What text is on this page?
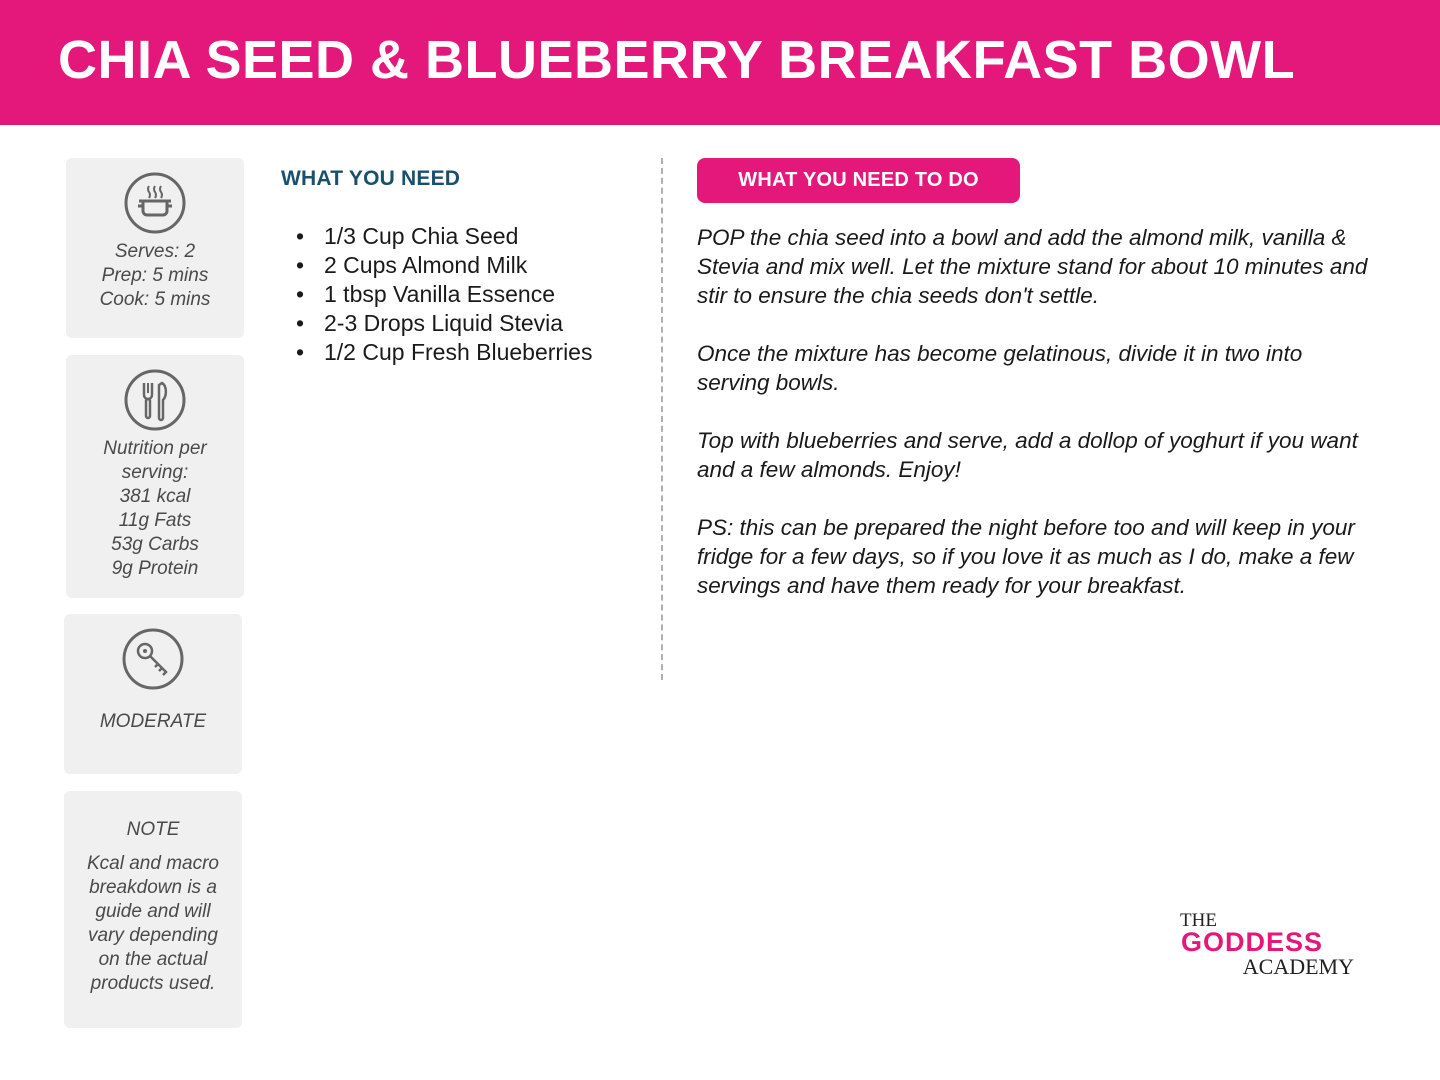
CHIA SEED & BLUEBERRY BREAKFAST BOWL
Serves: 2
Prep: 5 mins
Cook: 5 mins
Nutrition per
serving:
381 kcal
11g Fats
53g Carbs
9g Protein
MODERATE
NOTE
Kcal and macro
breakdown is a
guide and will
vary depending
on the actual
products used.
WHAT YOU NEED
• 1/3 Cup Chia Seed
• 2 Cups Almond Milk
• 1 tbsp Vanilla Essence
• 2-3 Drops Liquid Stevia
• 1/2 Cup Fresh Blueberries
WHAT YOU NEED TO DO

POP the chia seed into a bowl and add the almond milk, vanilla & Stevia and mix well. Let the mixture stand for about 10 minutes and stir to ensure the chia seeds don't settle.

Once the mixture has become gelatinous, divide it in two into serving bowls.

Top with blueberries and serve, add a dollop of yoghurt if you want and a few almonds. Enjoy!

PS: this can be prepared the night before too and will keep in your fridge for a few days, so if you love it as much as I do, make a few servings and have them ready for your breakfast.

THE
GODDESS
ACADEMY
